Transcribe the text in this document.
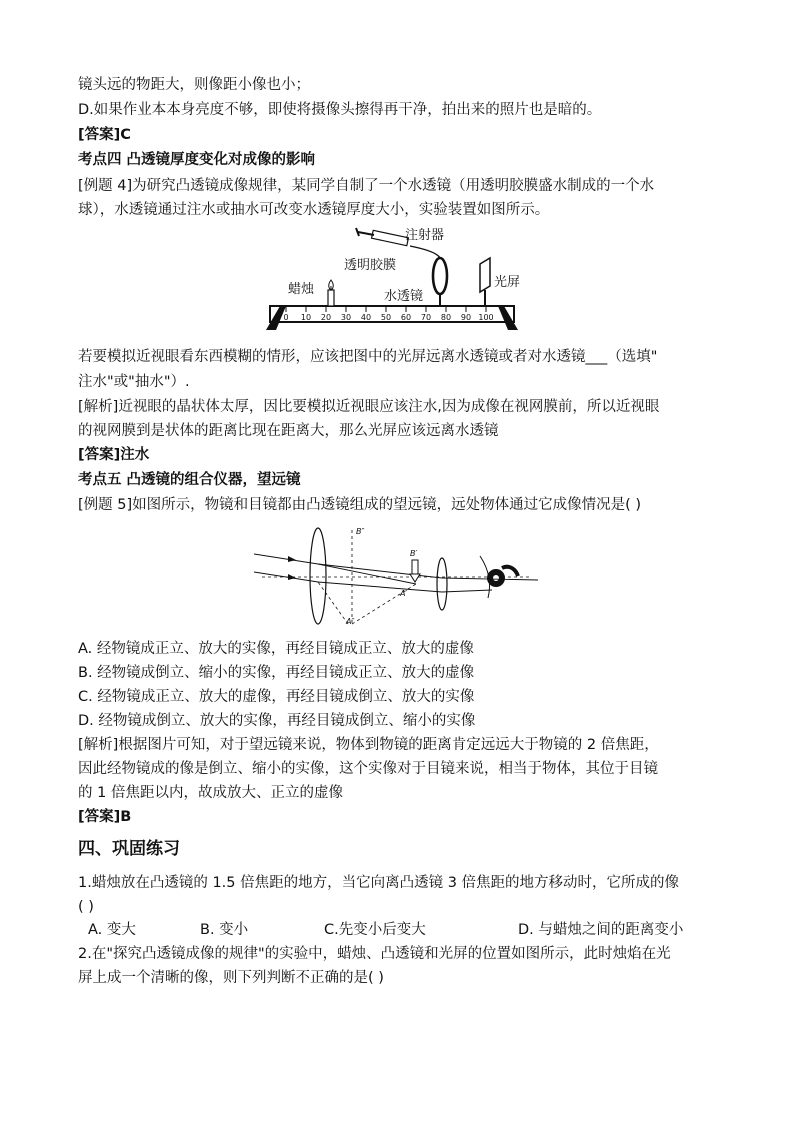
镜头远的物距大，则像距小像也小；
D.如果作业本本身亮度不够，即使将摄像头擦得再干净，拍出来的照片也是暗的。
[答案]C
考点四 凸透镜厚度变化对成像的影响
[例题 4]为研究凸透镜成像规律，某同学自制了一个水透镜（用透明胶膜盛水制成的一个水
球），水透镜通过注水或抽水可改变水透镜厚度大小，实验装置如图所示。
0 10 20 30 40 50 60 70 80 90 100
注射器
透明胶膜
蜡烛	水透镜
光屏
若要模拟近视眼看东西模糊的情形，应该把图中的光屏远离水透镜或者对水透镜___（选填"
注水"或"抽水"）.
[解析]近视眼的晶状体太厚，因比要模拟近视眼应该注水,因为成像在视网膜前，所以近视眼
的视网膜到是状体的距离比现在距离大，那么光屏应该远离水透镜
[答案]注水
考点五 凸透镜的组合仪器，望远镜
[例题 5]如图所示，物镜和目镜都由凸透镜组成的望远镜，远处物体通过它成像情况是( )
B″
B′
A′
A″
A. 经物镜成正立、放大的实像，再经目镜成正立、放大的虚像
B. 经物镜成倒立、缩小的实像，再经目镜成正立、放大的虚像
C. 经物镜成正立、放大的虚像，再经目镜成倒立、放大的实像
D. 经物镜成倒立、放大的实像，再经目镜成倒立、缩小的实像
[解析]根据图片可知，对于望远镜来说，物体到物镜的距离肯定远远大于物镜的 2 倍焦距，
因此经物镜成的像是倒立、缩小的实像，这个实像对于目镜来说，相当于物体，其位于目镜
的 1 倍焦距以内，故成放大、正立的虚像
[答案]B
四、巩固练习
1.蜡烛放在凸透镜的 1.5 倍焦距的地方，当它向离凸透镜 3 倍焦距的地方移动时，它所成的像
( )
A. 变大	B. 变小	C.先变小后变大	D. 与蜡烛之间的距离变小
2.在"探究凸透镜成像的规律"的实验中，蜡烛、凸透镜和光屏的位置如图所示，此时烛焰在光
屏上成一个清晰的像，则下列判断不正确的是( )
